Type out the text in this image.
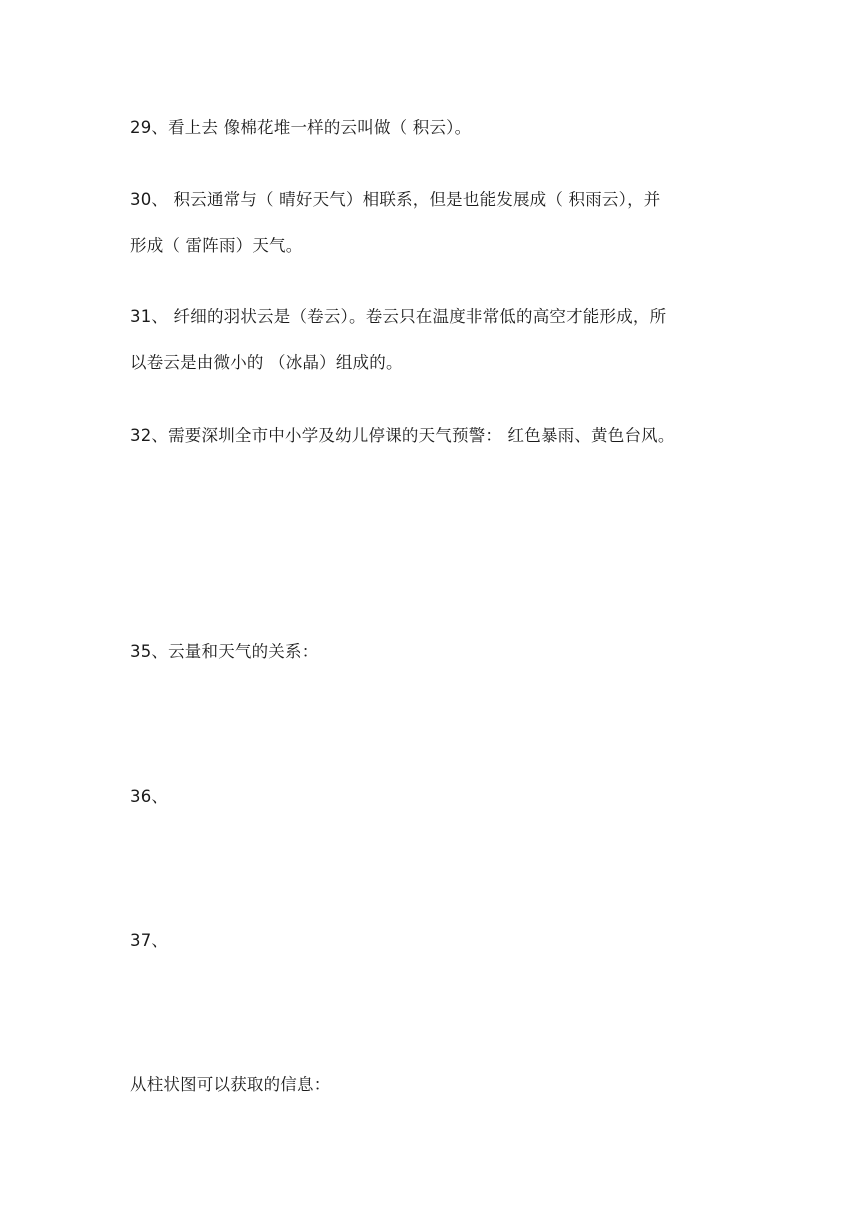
29、看上去 像棉花堆一样的云叫做（ 积云）。
30、 积云通常与（ 晴好天气）相联系，但是也能发展成（ 积雨云），并
形成（ 雷阵雨）天气。
31、 纤细的羽状云是（卷云）。卷云只在温度非常低的高空才能形成，所
以卷云是由微小的 （冰晶）组成的。
32、需要深圳全市中小学及幼儿停课的天气预警： 红色暴雨、黄色台风。
35、云量和天气的关系：
36、
37、
从柱状图可以获取的信息：
